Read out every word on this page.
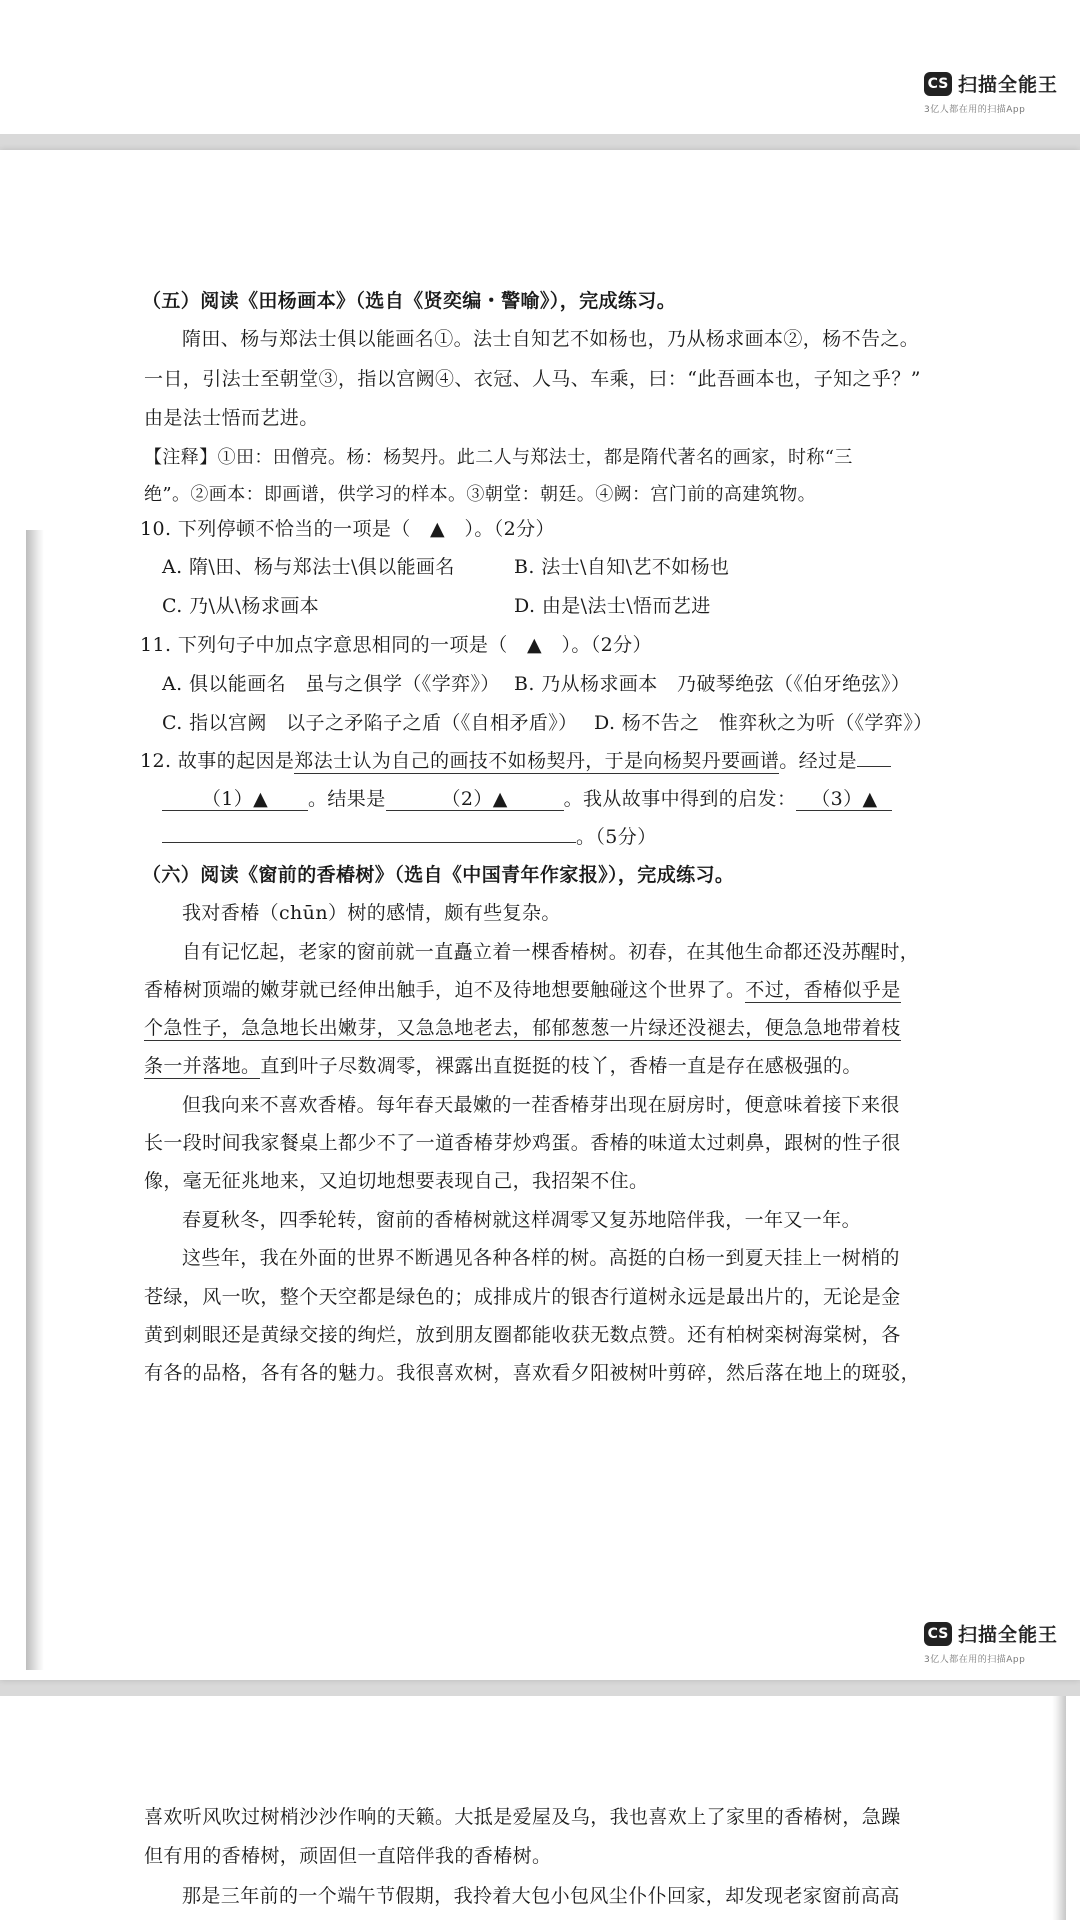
CS 扫描全能王
3亿人都在用的扫描App
（五）阅读《田杨画本》（选自《贤奕编・警喻》），完成练习。
隋田、杨与郑法士俱以能画名①。法士自知艺不如杨也，乃从杨求画本②，杨不告之。
一日，引法士至朝堂③，指以宫阙④、衣冠、人马、车乘，曰：“此吾画本也，子知之乎？”
由是法士悟而艺进。
【注释】①田：田僧亮。杨：杨契丹。此二人与郑法士，都是隋代著名的画家，时称“三
绝”。②画本：即画谱，供学习的样本。③朝堂：朝廷。④阙：宫门前的高建筑物。
10. 下列停顿不恰当的一项是（　▲　）。（2分）
A. 隋\田、杨与郑法士\俱以能画名	B. 法士\自知\艺不如杨也
C. 乃\从\杨求画本	D. 由是\法士\悟而艺进
11. 下列句子中加点字意思相同的一项是（　▲　）。（2分）
A. 俱以能画名　虽与之俱学（《学弈》） B. 乃从杨求画本　乃破琴绝弦（《伯牙绝弦》）
C. 指以宫阙　以子之矛陷子之盾（《自相矛盾》） D. 杨不告之　惟弈秋之为听（《学弈》）
12. 故事的起因是郑法士认为自己的画技不如杨契丹，于是向杨契丹要画谱。经过是
（1）▲ 。结果是	（2）▲	。我从故事中得到的启发： （3）▲
。（5分）
（六）阅读《窗前的香椿树》（选自《中国青年作家报》），完成练习。
我对香椿（chūn）树的感情，颇有些复杂。
自有记忆起，老家的窗前就一直矗立着一棵香椿树。初春，在其他生命都还没苏醒时，
香椿树顶端的嫩芽就已经伸出触手，迫不及待地想要触碰这个世界了。不过，香椿似乎是
个急性子，急急地长出嫩芽，又急急地老去，郁郁葱葱一片绿还没褪去，便急急地带着枝
条一并落地。直到叶子尽数凋零，裸露出直挺挺的枝丫，香椿一直是存在感极强的。
但我向来不喜欢香椿。每年春天最嫩的一茬香椿芽出现在厨房时，便意味着接下来很
长一段时间我家餐桌上都少不了一道香椿芽炒鸡蛋。香椿的味道太过刺鼻，跟树的性子很
像，毫无征兆地来，又迫切地想要表现自己，我招架不住。
春夏秋冬，四季轮转，窗前的香椿树就这样凋零又复苏地陪伴我，一年又一年。
这些年，我在外面的世界不断遇见各种各样的树。高挺的白杨一到夏天挂上一树梢的
苍绿，风一吹，整个天空都是绿色的；成排成片的银杏行道树永远是最出片的，无论是金
黄到刺眼还是黄绿交接的绚烂，放到朋友圈都能收获无数点赞。还有柏树栾树海棠树，各
有各的品格，各有各的魅力。我很喜欢树，喜欢看夕阳被树叶剪碎，然后落在地上的斑驳，
CS 扫描全能王
3亿人都在用的扫描App
喜欢听风吹过树梢沙沙作响的天籁。大抵是爱屋及乌，我也喜欢上了家里的香椿树，急躁
但有用的香椿树，顽固但一直陪伴我的香椿树。
那是三年前的一个端午节假期，我拎着大包小包风尘仆仆回家，却发现老家窗前高高
